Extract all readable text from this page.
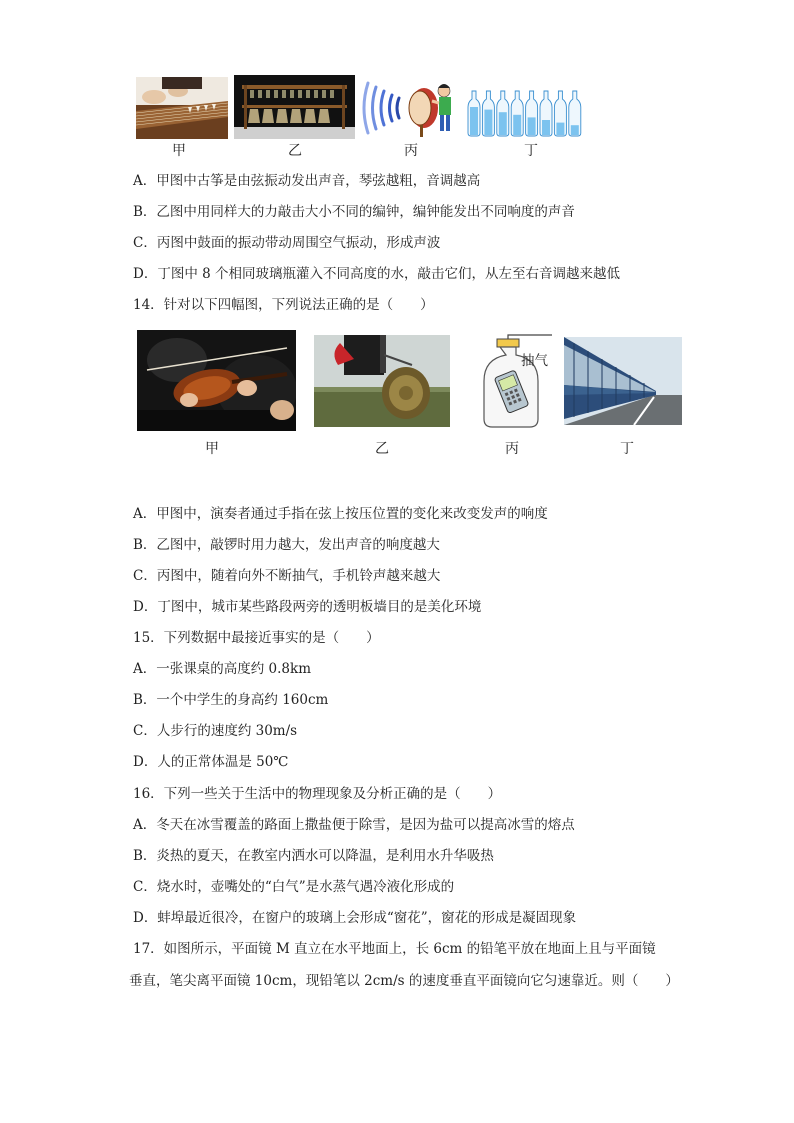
甲	乙	丙	丁
A．甲图中古筝是由弦振动发出声音，琴弦越粗，音调越高
B．乙图中用同样大的力敲击大小不同的编钟，编钟能发出不同响度的声音
C．丙图中鼓面的振动带动周围空气振动，形成声波
D．丁图中 8 个相同玻璃瓶灌入不同高度的水，敲击它们，从左至右音调越来越低
14．针对以下四幅图，下列说法正确的是（　　）
抽气
甲	乙	丙	丁
A．甲图中，演奏者通过手指在弦上按压位置的变化来改变发声的响度
B．乙图中，敲锣时用力越大，发出声音的响度越大
C．丙图中，随着向外不断抽气，手机铃声越来越大
D．丁图中，城市某些路段两旁的透明板墙目的是美化环境
15．下列数据中最接近事实的是（　　）
A．一张课桌的高度约 0.8km
B．一个中学生的身高约 160cm
C．人步行的速度约 30m/s
D．人的正常体温是 50℃
16．下列一些关于生活中的物理现象及分析正确的是（　　）
A．冬天在冰雪覆盖的路面上撒盐便于除雪，是因为盐可以提高冰雪的熔点
B．炎热的夏天，在教室内洒水可以降温，是利用水升华吸热
C．烧水时，壶嘴处的“白气”是水蒸气遇冷液化形成的
D．蚌埠最近很冷，在窗户的玻璃上会形成“窗花”，窗花的形成是凝固现象
17．如图所示，平面镜 M 直立在水平地面上，长 6cm 的铅笔平放在地面上且与平面镜
垂直，笔尖离平面镜 10cm，现铅笔以 2cm/s 的速度垂直平面镜向它匀速靠近。则（　　）
